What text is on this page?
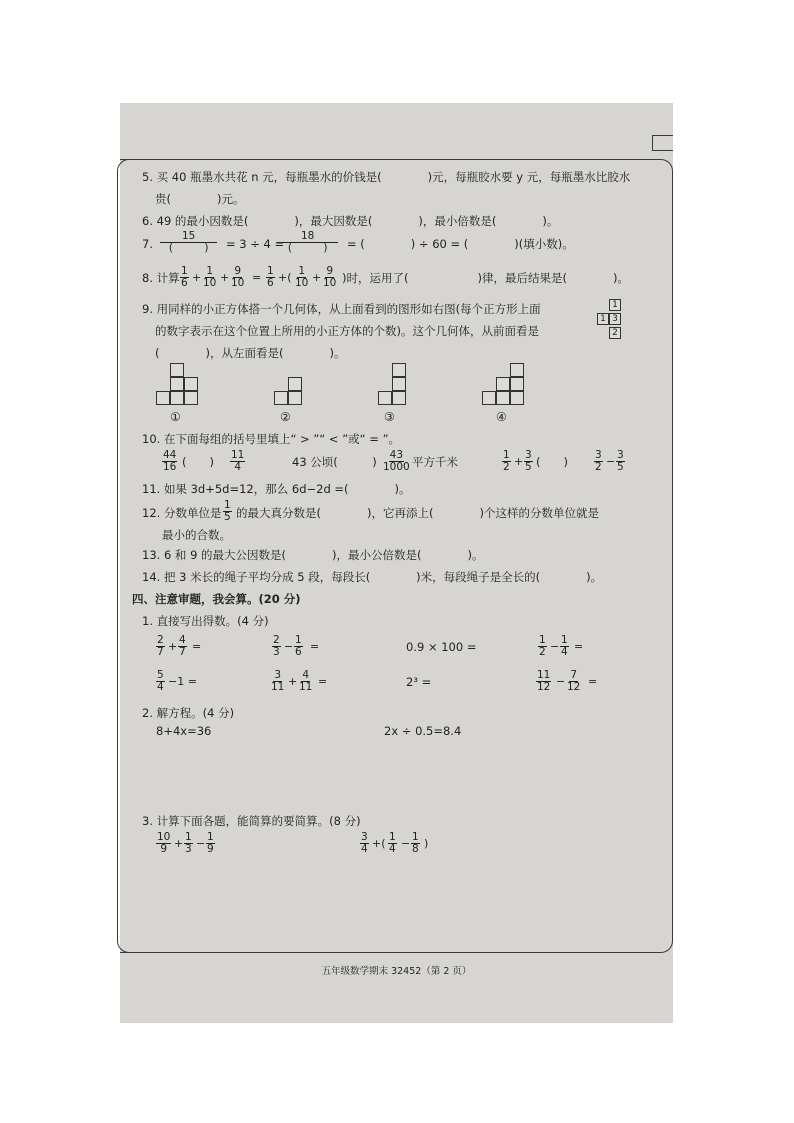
5. 买 40 瓶墨水共花 n 元，每瓶墨水的价钱是(　　　　)元，每瓶胶水要 y 元，每瓶墨水比胶水
贵(　　　　)元。
6. 49 的最小因数是(　　　　)，最大因数是(　　　　)，最小倍数是(　　　　)。
7.
15
(　　　) = 3 ÷ 4 =
18
(　　　) = (　　　　) ÷ 60 = (　　　　)(填小数)。
8. 计算 $\frac{1}{6} + \frac{1}{10} + \frac{9}{10} = \frac{1}{6}$ +( $\frac{1}{10} + \frac{9}{10}$ )时，运用了(　　　　　　)律，最后结果是(　　　　)。
9. 用同样的小正方体搭一个几何体，从上面看到的图形如右图(每个正方形上面
的数字表示在这个位置上所用的小正方体的个数)。这个几何体，从前面看是
(　　　　)，从左面看是(　　　　)。
1
1 3
2
①	②	③	④
10. 在下面每组的括号里填上“ > ”“ < ”或“ = ”。
$\frac{44}{16}$ (　　) $\frac{11}{4}$	43 公顷(　　　) $\frac{43}{1000}$ 平方千米	$\frac{1}{2} + \frac{3}{5}$ (　　) $\frac{3}{2} - \frac{3}{5}$
11. 如果 3d+5d=12，那么 6d−2d =(　　　　)。
12. 分数单位是 $\frac{1}{5}$ 的最大真分数是(　　　　)，它再添上(　　　　)个这样的分数单位就是
最小的合数。
13. 6 和 9 的最大公因数是(　　　　)，最小公倍数是(　　　　)。
14. 把 3 米长的绳子平均分成 5 段，每段长(　　　　)米，每段绳子是全长的(　　　　)。
四、注意审题，我会算。(20 分)
1. 直接写出得数。(4 分)
$\frac{2}{7} + \frac{4}{7}$ =	$\frac{2}{3} - \frac{1}{6}$ =	0.9 × 100 =	$\frac{1}{2} - \frac{1}{4}$ =
$\frac{5}{4} -1$ =	$\frac{3}{11} + \frac{4}{11}$ =	2³ =	$\frac{11}{12} - \frac{7}{12}$ =
2. 解方程。(4 分)
8+4x=36	2x ÷ 0.5=8.4
3. 计算下面各题，能简算的要简算。(8 分)
$\frac{10}{9} + \frac{1}{3} - \frac{1}{9}$	$\frac{3}{4}$ +( $\frac{1}{4} - \frac{1}{8}$ )
五年级数学期末 32452（第 2 页）
